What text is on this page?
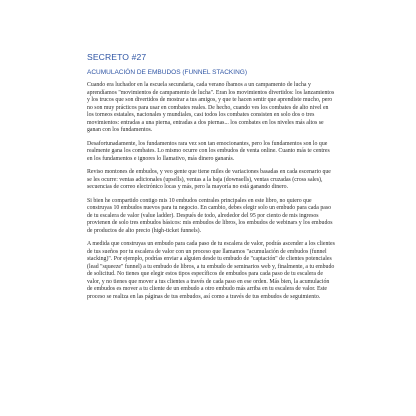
SECRETO #27
ACUMULACIÓN DE EMBUDOS (FUNNEL STACKING)

Cuando era luchador en la escuela secundaria, cada verano íbamos a un campamento de lucha y aprendíamos "movimientos de campamento de lucha". Eran los movimientos divertidos: los lanzamientos y los trucos que son divertidos de mostrar a tus amigos, y que te hacen sentir que aprendiste mucho, pero no son muy prácticos para usar en combates reales. De hecho, cuando ves los combates de alto nivel en los torneos estatales, nacionales y mundiales, casi todos los combates consisten en solo dos o tres movimientos: entradas a una pierna, entradas a dos piernas... los combates en los niveles más altos se ganan con los fundamentos.

Desafortunadamente, los fundamentos rara vez son tan emocionantes, pero los fundamentos son lo que realmente gana los combates. Lo mismo ocurre con los embudos de venta online. Cuanto más te centres en los fundamentos e ignores lo llamativo, más dinero ganarás.

Reviso montones de embudos, y veo gente que tiene miles de variaciones basadas en cada escenario que se les ocurre: ventas adicionales (upsells), ventas a la baja (downsells), ventas cruzadas (cross sales), secuencias de correo electrónico locas y más, pero la mayoría no está ganando dinero.

Si bien he compartido contigo mis 10 embudos centrales principales en este libro, no quiero que construyas 10 embudos nuevos para tu negocio. En cambio, debes elegir solo un embudo para cada paso de tu escalera de valor (value ladder). Después de todo, alrededor del 95 por ciento de mis ingresos provienen de solo tres embudos básicos: mis embudos de libros, los embudos de webinars y los embudos de productos de alto precio (high-ticket funnels).

A medida que construyas un embudo para cada paso de tu escalera de valor, podrás ascender a los clientes de tus sueños por tu escalera de valor con un proceso que llamamos "acumulación de embudos (funnel stacking)". Por ejemplo, podrías enviar a alguien desde tu embudo de "captación" de clientes potenciales (lead "squeeze" funnel) a tu embudo de libros, a tu embudo de seminarios web y, finalmente, a tu embudo de solicitud. No tienes que elegir estos tipos específicos de embudos para cada paso de tu escalera de valor, y no tienes que mover a tus clientes a través de cada paso en ese orden. Más bien, la acumulación de embudos es mover a tu cliente de un embudo a otro embudo más arriba en tu escalera de valor. Este proceso se realiza en las páginas de tus embudos, así como a través de tus embudos de seguimiento.
